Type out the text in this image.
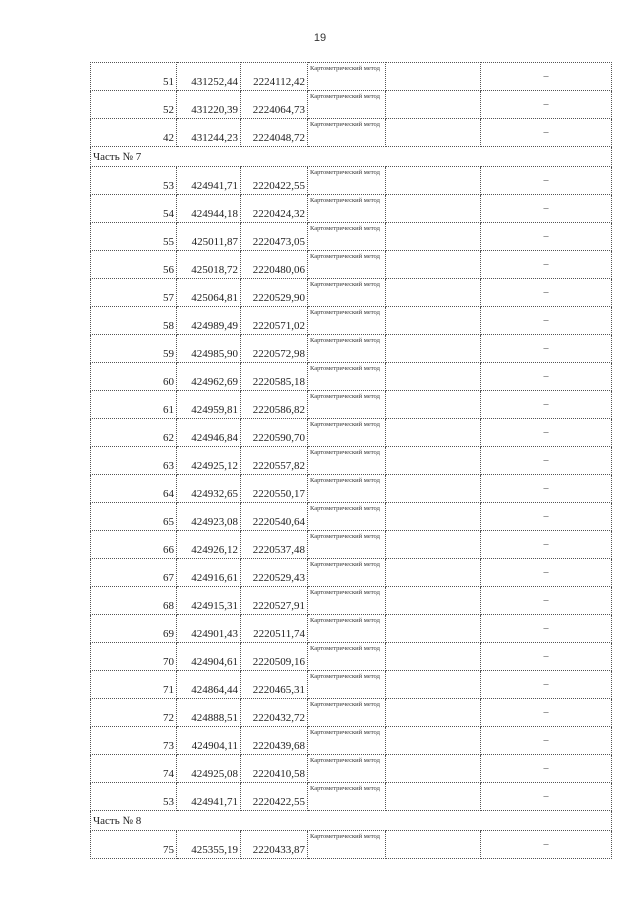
19
51	431252,44	2224112,42	Картометрический метод		–
52	431220,39	2224064,73	Картометрический метод		–
42	431244,23	2224048,72	Картометрический метод		–
Часть № 7					
53	424941,71	2220422,55	Картометрический метод		–
54	424944,18	2220424,32	Картометрический метод		–
55	425011,87	2220473,05	Картометрический метод		–
56	425018,72	2220480,06	Картометрический метод		–
57	425064,81	2220529,90	Картометрический метод		–
58	424989,49	2220571,02	Картометрический метод		–
59	424985,90	2220572,98	Картометрический метод		–
60	424962,69	2220585,18	Картометрический метод		–
61	424959,81	2220586,82	Картометрический метод		–
62	424946,84	2220590,70	Картометрический метод		–
63	424925,12	2220557,82	Картометрический метод		–
64	424932,65	2220550,17	Картометрический метод		–
65	424923,08	2220540,64	Картометрический метод		–
66	424926,12	2220537,48	Картометрический метод		–
67	424916,61	2220529,43	Картометрический метод		–
68	424915,31	2220527,91	Картометрический метод		–
69	424901,43	2220511,74	Картометрический метод		–
70	424904,61	2220509,16	Картометрический метод		–
71	424864,44	2220465,31	Картометрический метод		–
72	424888,51	2220432,72	Картометрический метод		–
73	424904,11	2220439,68	Картометрический метод		–
74	424925,08	2220410,58	Картометрический метод		–
53	424941,71	2220422,55	Картометрический метод		–
Часть № 8					
75	425355,19	2220433,87	Картометрический метод		–
